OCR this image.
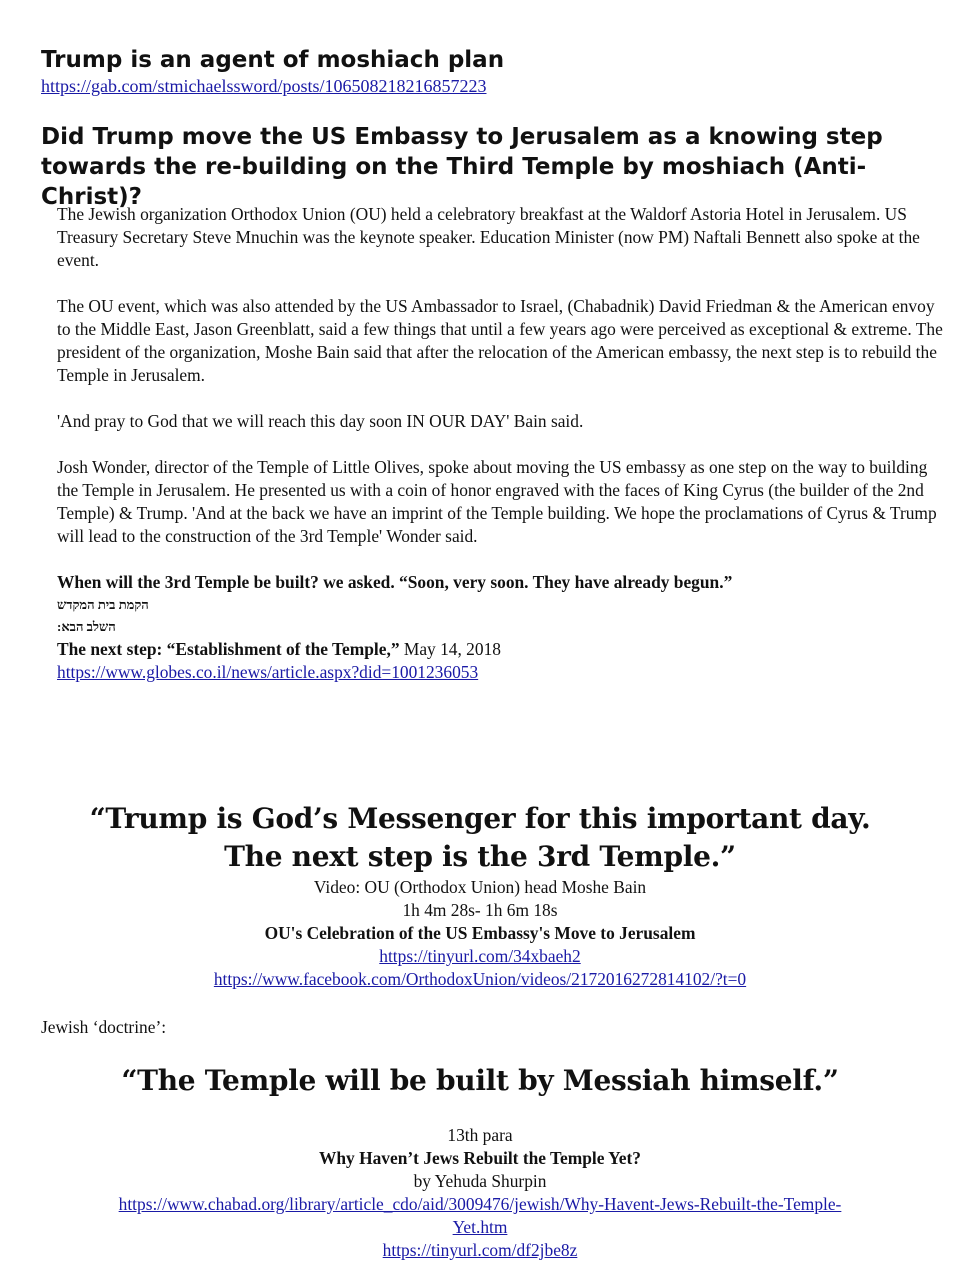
Trump is an agent of moshiach plan
https://gab.com/stmichaelssword/posts/106508218216857223
Did Trump move the US Embassy to Jerusalem as a knowing step towards the re-building on the Third Temple by moshiach (Anti-Christ)?

The Jewish organization Orthodox Union (OU) held a celebratory breakfast at the Waldorf Astoria Hotel in Jerusalem. US Treasury Secretary Steve Mnuchin was the keynote speaker. Education Minister (now PM) Naftali Bennett also spoke at the event.

The OU event, which was also attended by the US Ambassador to Israel, (Chabadnik) David Friedman & the American envoy to the Middle East, Jason Greenblatt, said a few things that until a few years ago were perceived as exceptional & extreme. The president of the organization, Moshe Bain said that after the relocation of the American embassy, the next step is to rebuild the Temple in Jerusalem.

'And pray to God that we will reach this day soon IN OUR DAY' Bain said.

Josh Wonder, director of the Temple of Little Olives, spoke about moving the US embassy as one step on the way to building the Temple in Jerusalem. He presented us with a coin of honor engraved with the faces of King Cyrus (the builder of the 2nd Temple) & Trump. 'And at the back we have an imprint of the Temple building. We hope the proclamations of Cyrus & Trump will lead to the construction of the 3rd Temple' Wonder said.

When will the 3rd Temple be built? we asked. “Soon, very soon. They have already begun.”
הקמת בית המקדש
השלב הבא:
The next step: “Establishment of the Temple,” May 14, 2018
https://www.globes.co.il/news/article.aspx?did=1001236053
“Trump is God’s Messenger for this important day.
The next step is the 3rd Temple.”
Video: OU (Orthodox Union) head Moshe Bain
1h 4m 28s- 1h 6m 18s
OU's Celebration of the US Embassy's Move to Jerusalem
https://tinyurl.com/34xbaeh2
https://www.facebook.com/OrthodoxUnion/videos/2172016272814102/?t=0
Jewish ‘doctrine’:
“The Temple will be built by Messiah himself.”
13th para
Why Haven’t Jews Rebuilt the Temple Yet?
by Yehuda Shurpin
https://www.chabad.org/library/article_cdo/aid/3009476/jewish/Why-Havent-Jews-Rebuilt-the-Temple-
Yet.htm
https://tinyurl.com/df2jbe8z
